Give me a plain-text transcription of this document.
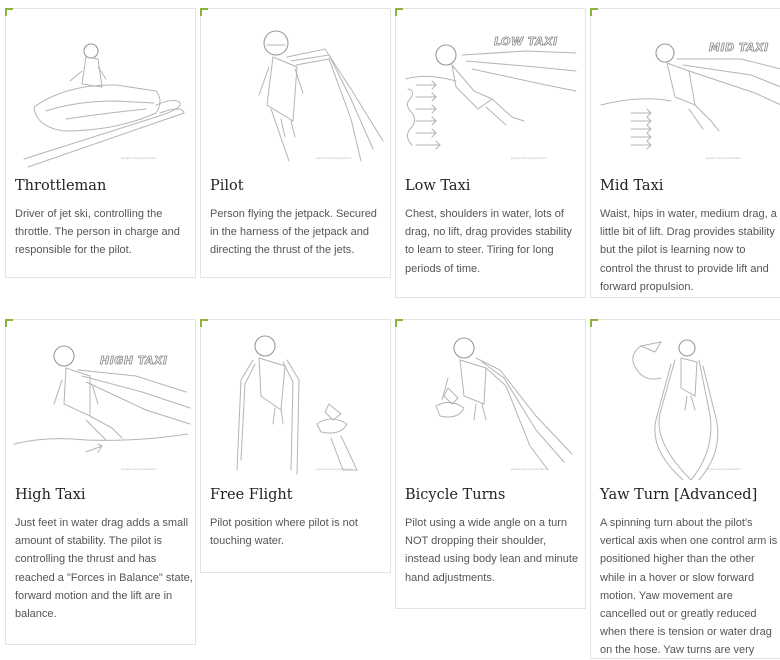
jetpack-coloring-illustration
Throttleman

Driver of jet ski, controlling the throttle. The person in charge and responsible for the pilot.

jetpack-coloring-illustration
Pilot

Person flying the jetpack. Secured in the harness of the jetpack and directing the thrust of the jets.

LOW TAXI
jetpack-coloring-illustration
Low Taxi

Chest, shoulders in water, lots of drag, no lift, drag provides stability to learn to steer. Tiring for long periods of time.

MID TAXI
jetpack-coloring-illustration
Mid Taxi

Waist, hips in water, medium drag, a little bit of lift. Drag provides stability but the pilot is learning now to control the thrust to provide lift and forward propulsion.

HIGH TAXI
jetpack-coloring-illustration
High Taxi

Just feet in water drag adds a small amount of stability. The pilot is controlling the thrust and has reached a "Forces in Balance" state, forward motion and the lift are in balance.

jetpack-coloring-illustration
Free Flight

Pilot position where pilot is not touching water.

jetpack-coloring-illustration
Bicycle Turns

Pilot using a wide angle on a turn NOT dropping their shoulder, instead using body lean and minute hand adjustments.

jetpack-coloring-illustration
Yaw Turn [Advanced]

A spinning turn about the pilot's vertical axis when one control arm is positioned higher than the other while in a hover or slow forward motion. Yaw movement are cancelled out or greatly reduced when there is tension or water drag on the hose. Yaw turns are very
